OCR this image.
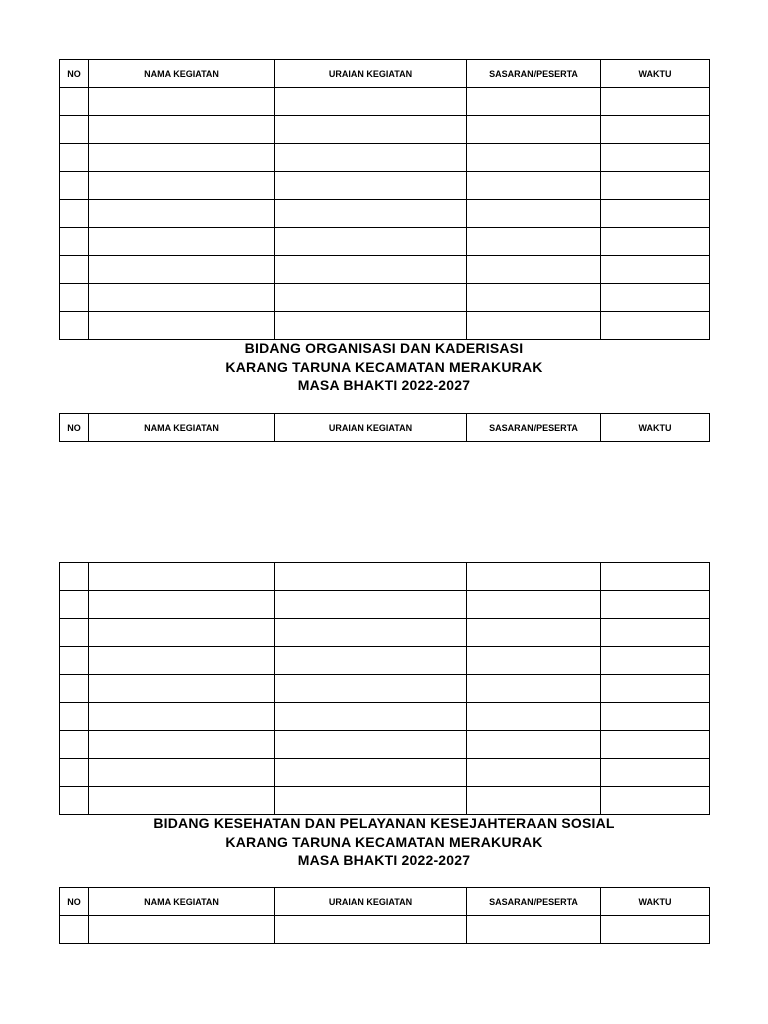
NO	NAMA KEGIATAN	URAIAN KEGIATAN	SASARAN/PESERTA	WAKTU

BIDANG ORGANISASI DAN KADERISASI
KARANG TARUNA KECAMATAN MERAKURAK
MASA BHAKTI 2022-2027
NO	NAMA KEGIATAN	URAIAN KEGIATAN	SASARAN/PESERTA	WAKTU

BIDANG KESEHATAN DAN PELAYANAN KESEJAHTERAAN SOSIAL
KARANG TARUNA KECAMATAN MERAKURAK
MASA BHAKTI 2022-2027
NO	NAMA KEGIATAN	URAIAN KEGIATAN	SASARAN/PESERTA	WAKTU
